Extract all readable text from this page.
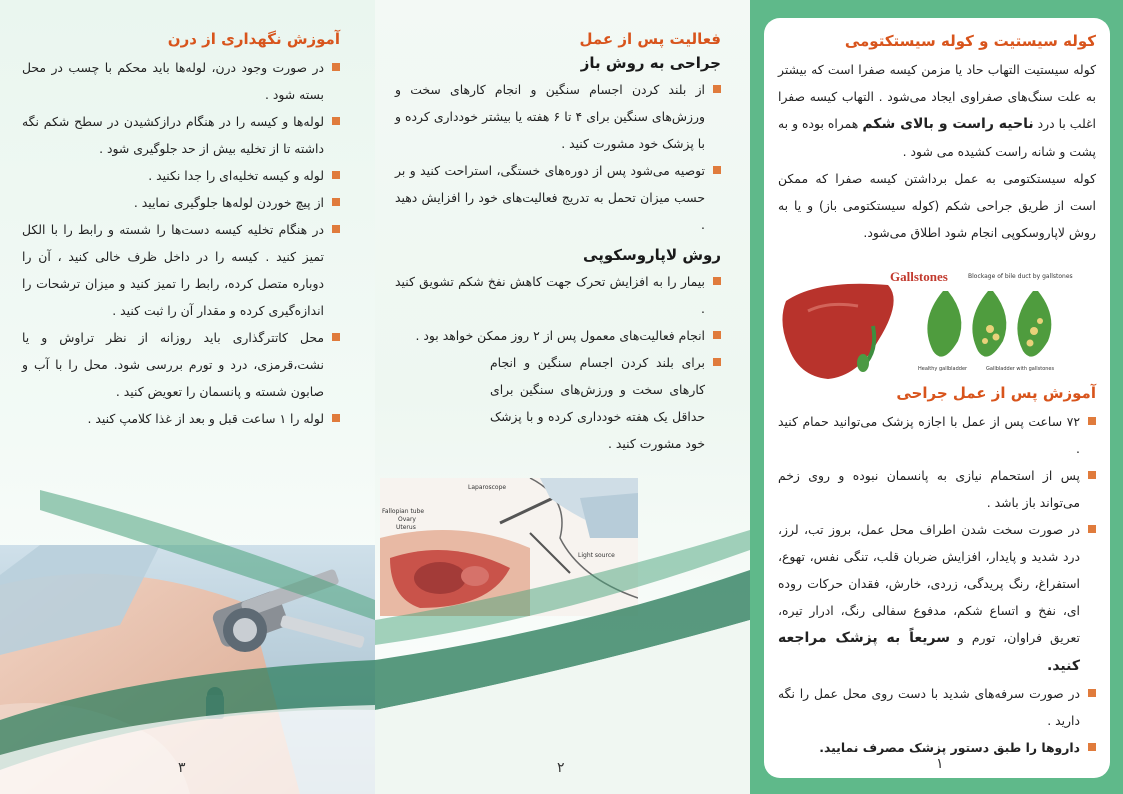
آموزش نگهداری از درن
در صورت وجود درن، لوله‌ها باید محکم با چسب در محل بسته شود .
لوله‌ها و کیسه را در هنگام درازکشیدن در سطح شکم نگه داشته تا از تخلیه بیش از حد جلوگیری شود .
لوله و کیسه تخلیه‌ای را جدا نکنید .
از پیچ خوردن لوله‌ها جلوگیری نمایید .
در هنگام تخلیه کیسه دست‌ها را شسته و رابط را با الکل تمیز کنید . کیسه را در داخل ظرف خالی کنید ، آن را دوباره متصل کرده، رابط را تمیز کنید و میزان ترشحات را اندازه‌گیری کرده و مقدار آن را ثبت کنید .
محل کاتترگذاری باید روزانه از نظر تراوش و یا نشت،قرمزی، درد و تورم بررسی شود. محل را با آب و صابون شسته و پانسمان را تعویض کنید .
لوله را ۱ ساعت قبل و بعد از غذا کلامپ کنید .
۳
فعالیت پس از عمل
جراحی به روش باز
از بلند کردن اجسام سنگین و انجام کارهای سخت و ورزش‌های سنگین برای ۴ تا ۶ هفته یا بیشتر خودداری کرده و با پزشک خود مشورت کنید .
توصیه می‌شود پس از دوره‌های خستگی، استراحت کنید و بر حسب میزان تحمل به تدریج فعالیت‌های خود را افزایش دهید .
روش لاپاروسکوپی
بیمار را به افزایش تحرک جهت کاهش نفخ شکم تشویق کنید .
انجام فعالیت‌های معمول پس از ۲ روز ممکن خواهد بود .
برای بلند کردن اجسام سنگین و انجام کارهای سخت و ورزش‌های سنگین برای حداقل یک هفته خودداری کرده و با پزشک خود مشورت کنید .
Laparoscope
Fallopian tube
Ovary
Uterus
Light source
۲
کوله سیستیت و کوله سیستکتومی

کوله سیستیت التهاب حاد یا مزمن کیسه صفرا است که بیشتر به علت سنگ‌های صفراوی ایجاد می‌شود . التهاب کیسه صفرا اغلب با درد ناحیه راست و بالای شکم همراه بوده و به پشت و شانه راست کشیده می شود .

کوله سیستکتومی به عمل برداشتن کیسه صفرا که ممکن است از طریق جراحی شکم (کوله سیستکتومی باز) و یا به روش لاپاروسکوپی انجام شود اطلاق می‌شود.

Gallstones	Blockage of bile duct by gallstones
Healthy gallbladder	Gallbladder with gallstones
آموزش پس از عمل جراحی
۷۲ ساعت پس از عمل با اجازه پزشک می‌توانید حمام کنید .
پس از استحمام نیازی به پانسمان نبوده و روی زخم می‌تواند باز باشد .
در صورت سخت شدن اطراف محل عمل، بروز تب، لرز، درد شدید و پایدار، افزایش ضربان قلب، تنگی نفس، تهوع، استفراغ، رنگ پریدگی، زردی، خارش، فقدان حرکات روده ای، نفخ و اتساع شکم، مدفوع سفالی رنگ، ادرار تیره، تعریق فراوان، تورم و سریعاً به پزشک مراجعه کنید.
در صورت سرفه‌های شدید با دست روی محل عمل را نگه دارید .
داروها را طبق دستور پزشک مصرف نمایید.
۱
